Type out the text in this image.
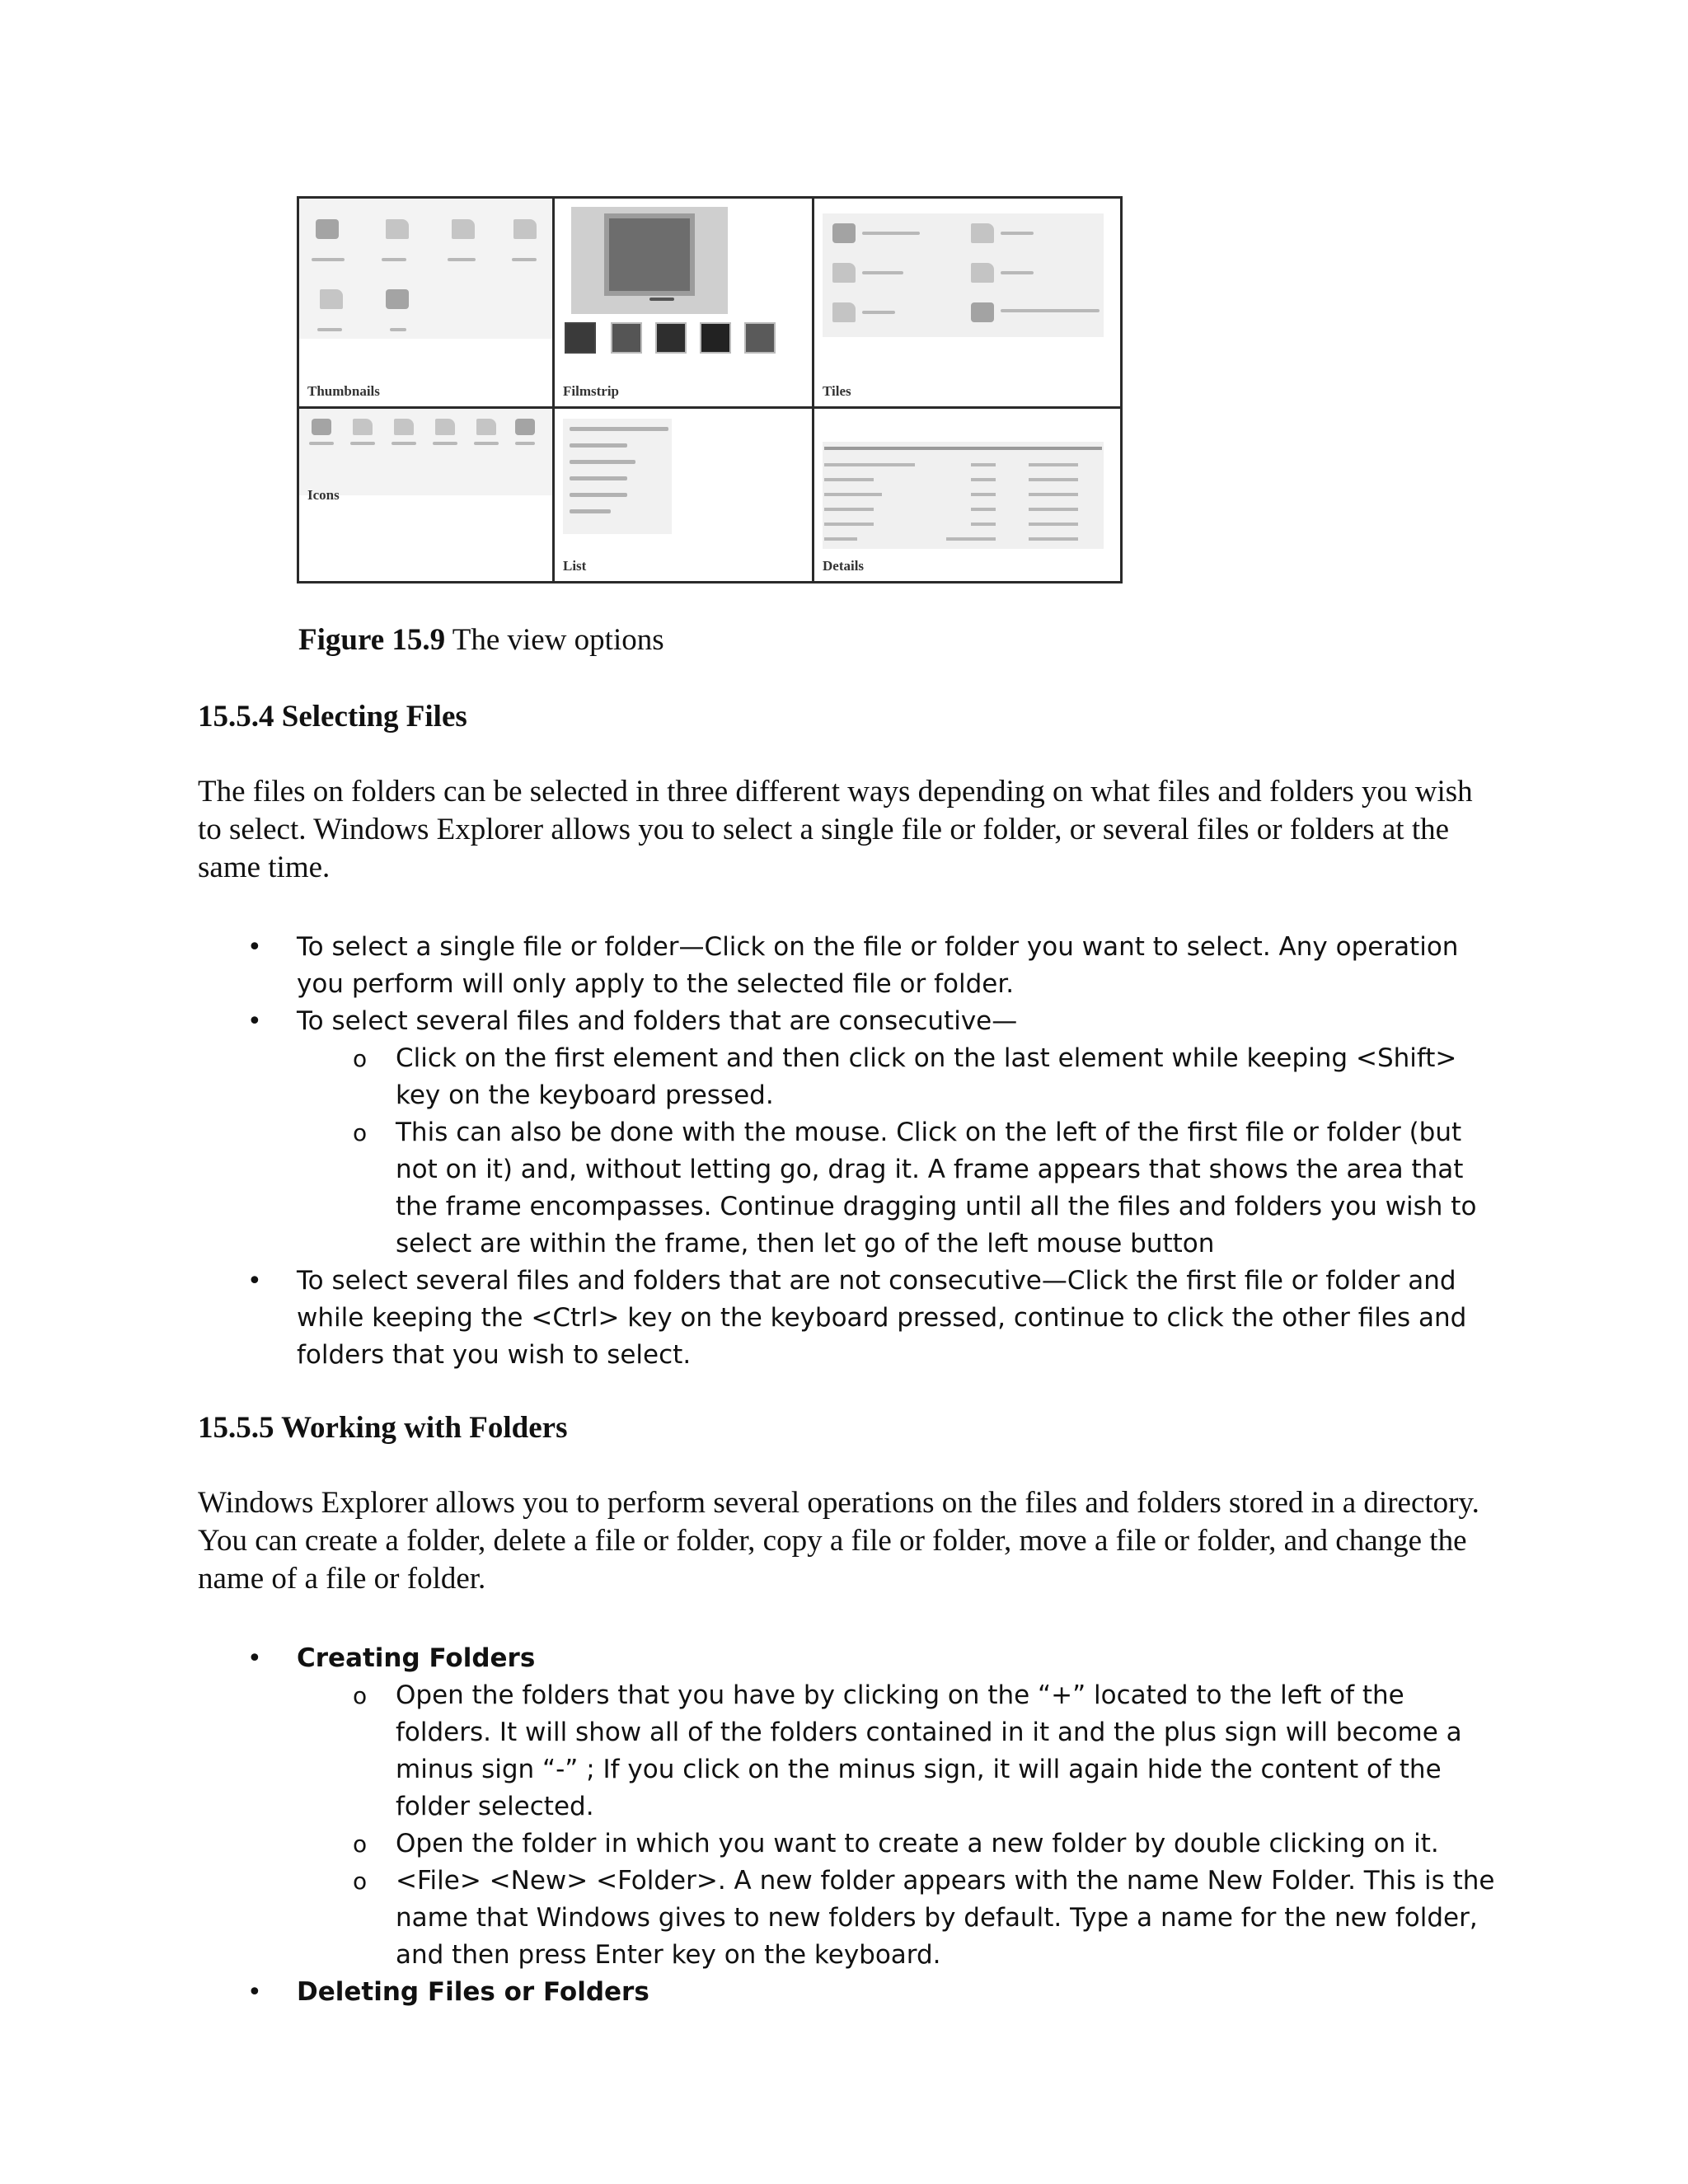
Thumbnails	Filmstrip	Tiles
Icons
List	Details
Figure 15.9 The view options
15.5.4 Selecting Files

The files on folders can be selected in three different ways depending on what files and folders you wish to select. Windows Explorer allows you to select a single file or folder, or several files or folders at the same time.

• To select a single file or folder—Click on the file or folder you want to select. Any operation you perform will only apply to the selected file or folder.
• To select several files and folders that are consecutive—
o Click on the first element and then click on the last element while keeping <Shift> key on the keyboard pressed.
o This can also be done with the mouse. Click on the left of the first file or folder (but not on it) and, without letting go, drag it. A frame appears that shows the area that the frame encompasses. Continue dragging until all the files and folders you wish to select are within the frame, then let go of the left mouse button
• To select several files and folders that are not consecutive—Click the first file or folder and while keeping the <Ctrl> key on the keyboard pressed, continue to click the other files and folders that you wish to select.
15.5.5 Working with Folders

Windows Explorer allows you to perform several operations on the files and folders stored in a directory. You can create a folder, delete a file or folder, copy a file or folder, move a file or folder, and change the name of a file or folder.

• Creating Folders
o Open the folders that you have by clicking on the “+” located to the left of the folders. It will show all of the folders contained in it and the plus sign will become a minus sign “-” ; If you click on the minus sign, it will again hide the content of the folder selected.
o Open the folder in which you want to create a new folder by double clicking on it.
o <File> <New> <Folder>. A new folder appears with the name New Folder. This is the name that Windows gives to new folders by default. Type a name for the new folder, and then press Enter key on the keyboard.
• Deleting Files or Folders
